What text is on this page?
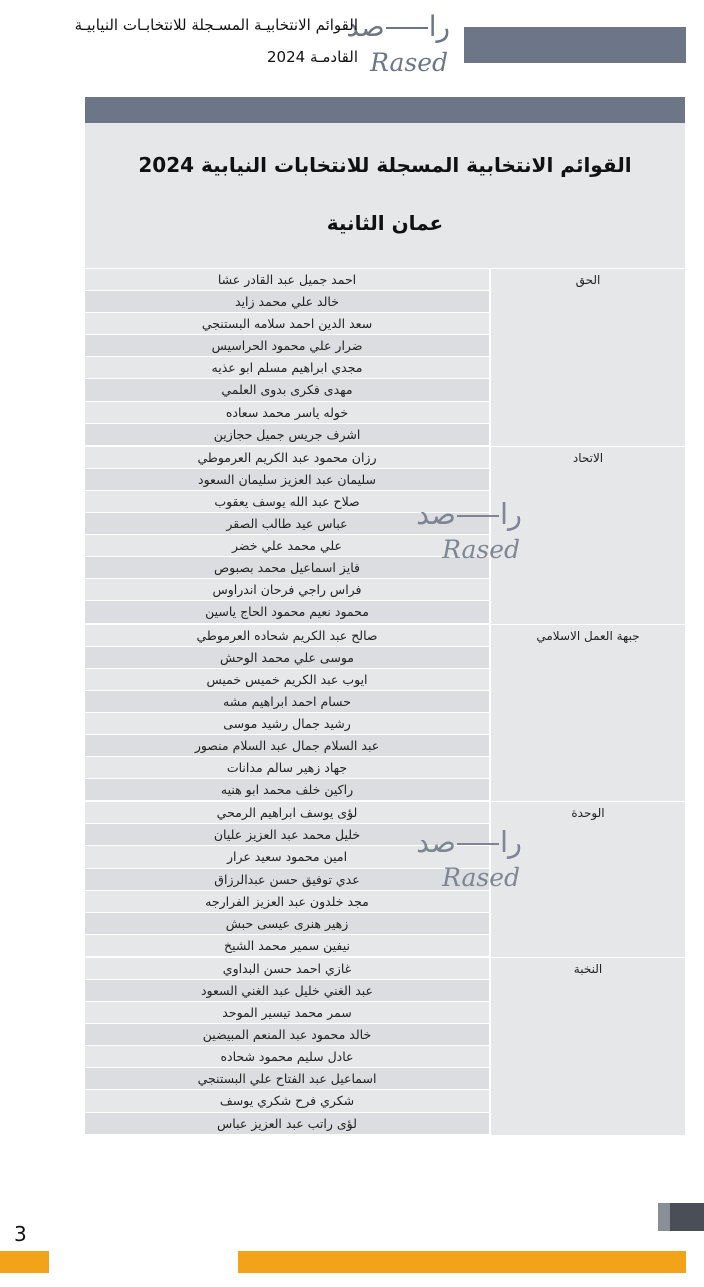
راصد
Rased
القوائم الانتخابيـة المسـجلة للانتخابـات النيابيـة
القادمـة 2024
القوائم الانتخابية المسجلة للانتخابات النيابية 2024
عمان الثانية
احمد جميل عبد القادر عشا
خالد علي محمد زايد
سعد الدين احمد سلامه البستنجي
ضرار علي محمود الحراسيس
مجدي ابراهيم مسلم ابو عذيه
مهدى فكرى بدوى العلمي
خوله ياسر محمد سعاده
اشرف جريس جميل حجازين
الحق
رزان محمود عبد الكريم العرموطي
سليمان عبد العزيز سليمان السعود
صلاح عبد الله يوسف يعقوب
عباس عيد طالب الصقر
علي محمد علي خضر
فايز اسماعيل محمد بصبوص
فراس راجي فرحان اندراوس
محمود نعيم محمود الحاج ياسين
الاتحاد
صالح عبد الكريم شحاده العرموطي
موسى علي محمد الوحش
ايوب عبد الكريم خميس خميس
حسام احمد ابراهيم مشه
رشيد جمال رشيد موسى
عبد السلام جمال عبد السلام منصور
جهاد زهير سالم مدانات
راكين خلف محمد ابو هنيه
جبهة العمل الاسلامي
لؤى يوسف ابراهيم الرمحي
خليل محمد عبد العزيز عليان
امين محمود سعيد عرار
عدي توفيق حسن عبدالرزاق
مجد خلدون عبد العزيز الفرارجه
زهير هنرى عيسى حبش
نيفين سمير محمد الشيخ
الوحدة
غازي احمد حسن البداوي
عبد الغني خليل عبد الغني السعود
سمر محمد تيسير الموحد
خالد محمود عبد المنعم المبيضين
عادل سليم محمود شحاده
اسماعيل عبد الفتاح علي البستنجي
شكري فرح شكري يوسف
لؤى راتب عبد العزيز عباس
النخبة
راصد
Rased
راصد
Rased
3
